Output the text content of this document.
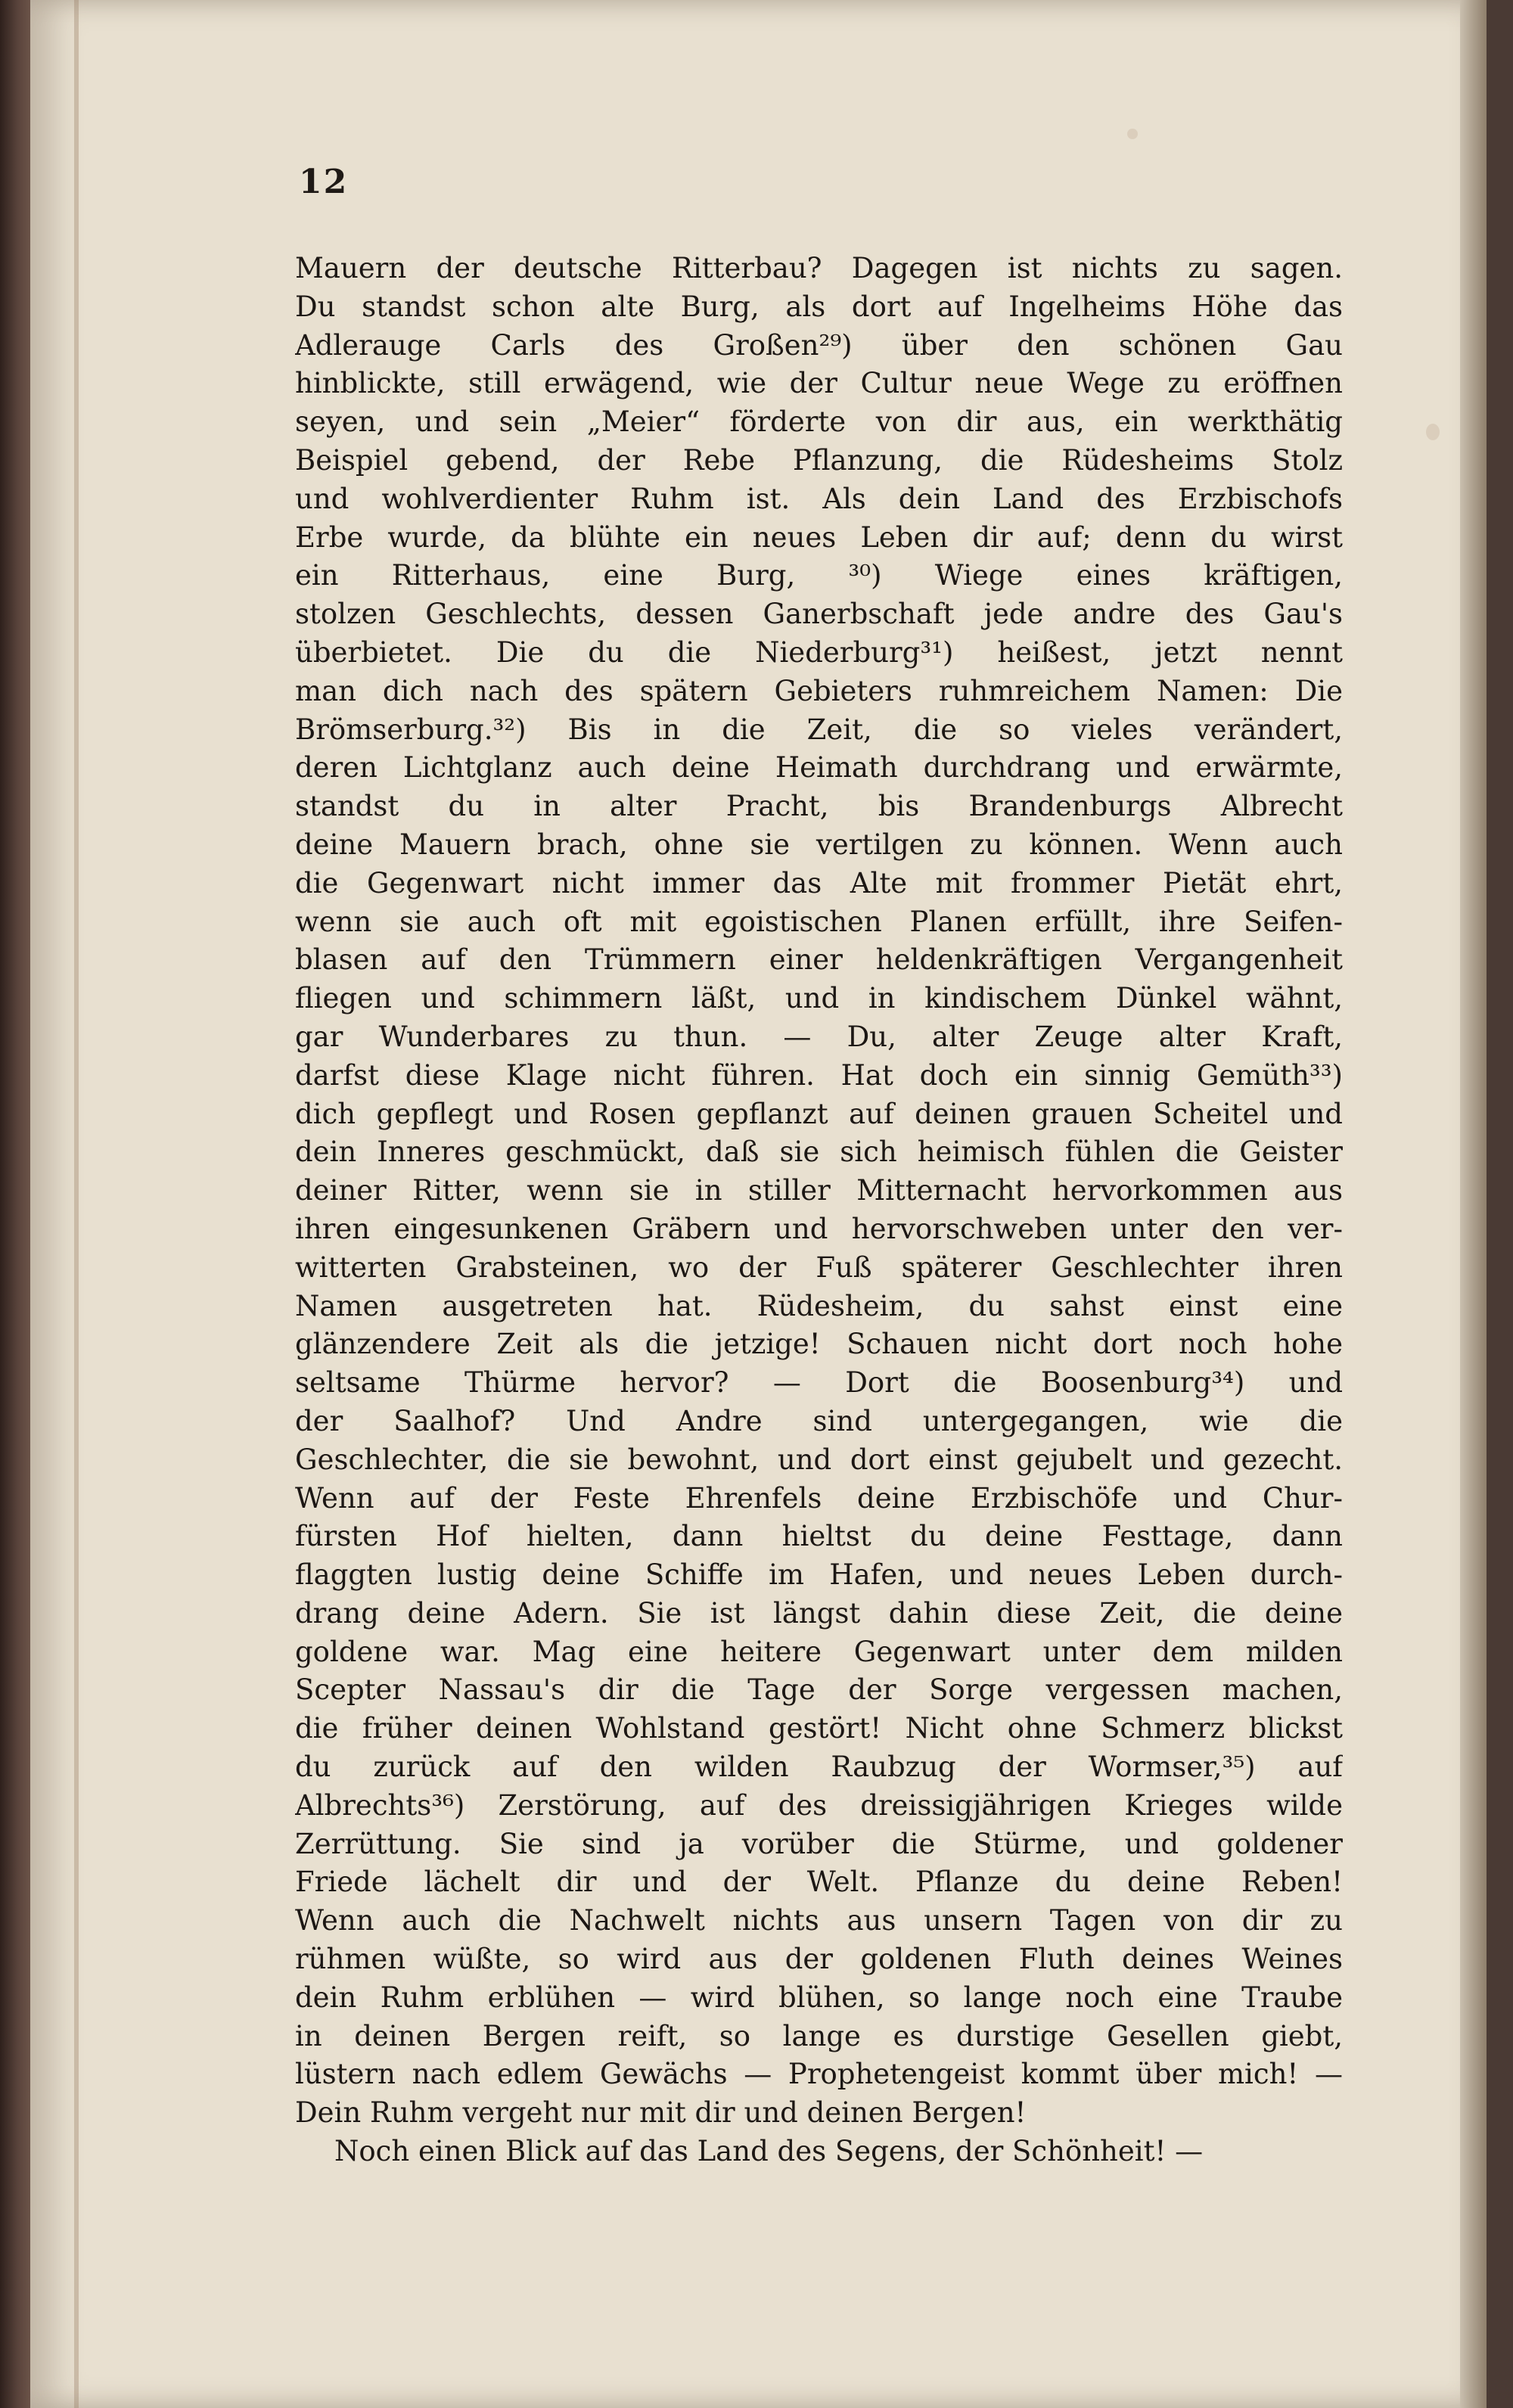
12
Mauern der deutsche Ritterbau? Dagegen ist nichts zu sagen.
Du standst schon alte Burg, als dort auf Ingelheims Höhe das
Adlerauge Carls des Großen²⁹) über den schönen Gau
hinblickte, still erwägend, wie der Cultur neue Wege zu eröffnen
seyen, und sein „Meier“ förderte von dir aus, ein werkthätig
Beispiel gebend, der Rebe Pflanzung, die Rüdesheims Stolz
und wohlverdienter Ruhm ist. Als dein Land des Erzbischofs
Erbe wurde, da blühte ein neues Leben dir auf; denn du wirst
ein Ritterhaus, eine Burg, ³⁰) Wiege eines kräftigen,
stolzen Geschlechts, dessen Ganerbschaft jede andre des Gau's
überbietet. Die du die Niederburg³¹) heißest, jetzt nennt
man dich nach des spätern Gebieters ruhmreichem Namen: Die
Brömserburg.³²) Bis in die Zeit, die so vieles verändert,
deren Lichtglanz auch deine Heimath durchdrang und erwärmte,
standst du in alter Pracht, bis Brandenburgs Albrecht
deine Mauern brach, ohne sie vertilgen zu können. Wenn auch
die Gegenwart nicht immer das Alte mit frommer Pietät ehrt,
wenn sie auch oft mit egoistischen Planen erfüllt, ihre Seifen-
blasen auf den Trümmern einer heldenkräftigen Vergangenheit
fliegen und schimmern läßt, und in kindischem Dünkel wähnt,
gar Wunderbares zu thun. — Du, alter Zeuge alter Kraft,
darfst diese Klage nicht führen. Hat doch ein sinnig Gemüth³³)
dich gepflegt und Rosen gepflanzt auf deinen grauen Scheitel und
dein Inneres geschmückt, daß sie sich heimisch fühlen die Geister
deiner Ritter, wenn sie in stiller Mitternacht hervorkommen aus
ihren eingesunkenen Gräbern und hervorschweben unter den ver-
witterten Grabsteinen, wo der Fuß späterer Geschlechter ihren
Namen ausgetreten hat. Rüdesheim, du sahst einst eine
glänzendere Zeit als die jetzige! Schauen nicht dort noch hohe
seltsame Thürme hervor? — Dort die Boosenburg³⁴) und
der Saalhof? Und Andre sind untergegangen, wie die
Geschlechter, die sie bewohnt, und dort einst gejubelt und gezecht.
Wenn auf der Feste Ehrenfels deine Erzbischöfe und Chur-
fürsten Hof hielten, dann hieltst du deine Festtage, dann
flaggten lustig deine Schiffe im Hafen, und neues Leben durch-
drang deine Adern. Sie ist längst dahin diese Zeit, die deine
goldene war. Mag eine heitere Gegenwart unter dem milden
Scepter Nassau's dir die Tage der Sorge vergessen machen,
die früher deinen Wohlstand gestört! Nicht ohne Schmerz blickst
du zurück auf den wilden Raubzug der Wormser,³⁵) auf
Albrechts³⁶) Zerstörung, auf des dreissigjährigen Krieges wilde
Zerrüttung. Sie sind ja vorüber die Stürme, und goldener
Friede lächelt dir und der Welt. Pflanze du deine Reben!
Wenn auch die Nachwelt nichts aus unsern Tagen von dir zu
rühmen wüßte, so wird aus der goldenen Fluth deines Weines
dein Ruhm erblühen — wird blühen, so lange noch eine Traube
in deinen Bergen reift, so lange es durstige Gesellen giebt,
lüstern nach edlem Gewächs — Prophetengeist kommt über mich! —
Dein Ruhm vergeht nur mit dir und deinen Bergen!
Noch einen Blick auf das Land des Segens, der Schönheit! —
